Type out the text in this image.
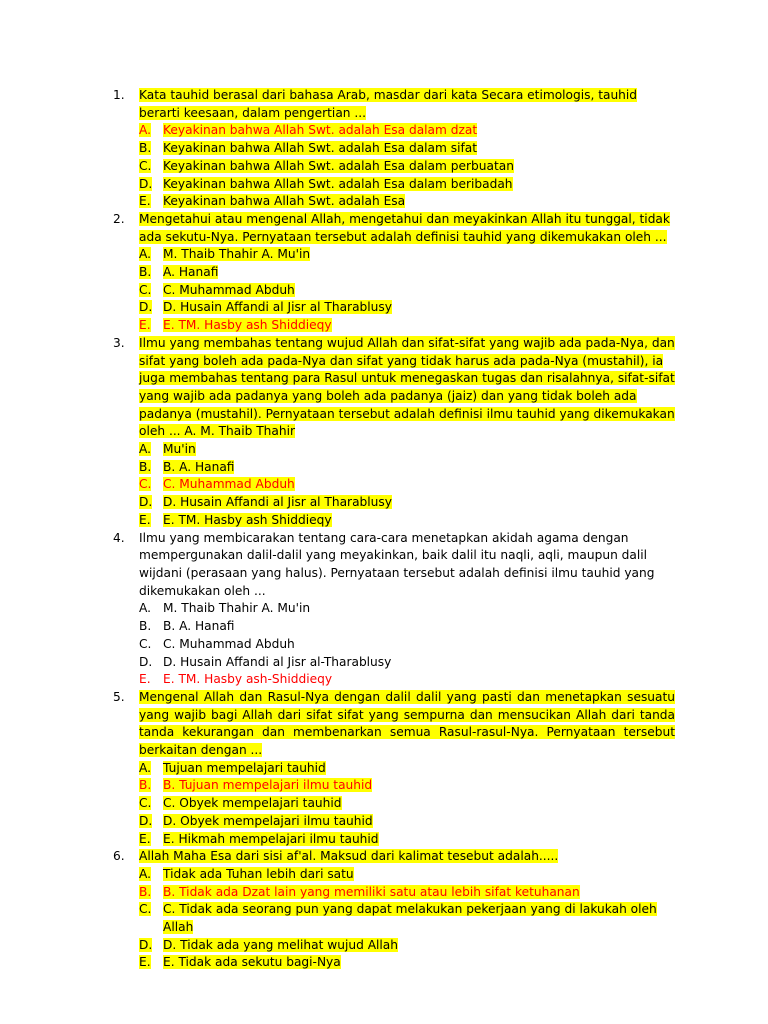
1.	Kata tauhid berasal dari bahasa Arab, masdar dari kata Secara etimologis, tauhid berarti keesaan, dalam pengertian ...
A. Keyakinan bahwa Allah Swt. adalah Esa dalam dzat
B. Keyakinan bahwa Allah Swt. adalah Esa dalam sifat
C. Keyakinan bahwa Allah Swt. adalah Esa dalam perbuatan
D. Keyakinan bahwa Allah Swt. adalah Esa dalam beribadah
E.	Keyakinan bahwa Allah Swt. adalah Esa
2.	Mengetahui atau mengenal Allah, mengetahui dan meyakinkan Allah itu tunggal, tidak ada sekutu-Nya. Pernyataan tersebut adalah definisi tauhid yang dikemukakan oleh ...
A. M. Thaib Thahir A. Mu'in
B. A. Hanafi
C. C. Muhammad Abduh
D. D. Husain Affandi al Jisr al Tharablusy
E.	E. TM. Hasby ash Shiddieqy
3.	Ilmu yang membahas tentang wujud Allah dan sifat-sifat yang wajib ada pada-Nya, dan sifat yang boleh ada pada-Nya dan sifat yang tidak harus ada pada-Nya (mustahil), ia juga membahas tentang para Rasul untuk menegaskan tugas dan risalahnya, sifat-sifat yang wajib ada padanya yang boleh ada padanya (jaiz) dan yang tidak boleh ada padanya (mustahil). Pernyataan tersebut adalah definisi ilmu tauhid yang dikemukakan oleh ... A. M. Thaib Thahir
A. Mu'in
B. B. A. Hanafi
C. C. Muhammad Abduh
D. D. Husain Affandi al Jisr al Tharablusy
E.	E. TM. Hasby ash Shiddieqy
4.	Ilmu yang membicarakan tentang cara-cara menetapkan akidah agama dengan mempergunakan dalil-dalil yang meyakinkan, baik dalil itu naqli, aqli, maupun dalil wijdani (perasaan yang halus). Pernyataan tersebut adalah definisi ilmu tauhid yang dikemukakan oleh ...
A. M. Thaib Thahir A. Mu'in
B. B. A. Hanafi
C. C. Muhammad Abduh
D. D. Husain Affandi al Jisr al-Tharablusy
E.	E. TM. Hasby ash-Shiddieqy
5.	Mengenal Allah dan Rasul-Nya dengan dalil dalil yang pasti dan menetapkan sesuatu yang wajib bagi Allah dari sifat sifat yang sempurna dan mensucikan Allah dari tanda tanda kekurangan dan membenarkan semua Rasul-rasul-Nya. Pernyataan tersebut berkaitan dengan ...
A. Tujuan mempelajari tauhid
B. B. Tujuan mempelajari ilmu tauhid
C. C. Obyek mempelajari tauhid
D. D. Obyek mempelajari ilmu tauhid
E.	E. Hikmah mempelajari ilmu tauhid
6.	Allah Maha Esa dari sisi af'al. Maksud dari kalimat tesebut adalah.....
A. Tidak ada Tuhan lebih dari satu
B. B. Tidak ada Dzat lain yang memiliki satu atau lebih sifat ketuhanan
C. C. Tidak ada seorang pun yang dapat melakukan pekerjaan yang di lakukah oleh Allah
D. D. Tidak ada yang melihat wujud Allah
E.	E. Tidak ada sekutu bagi-Nya
